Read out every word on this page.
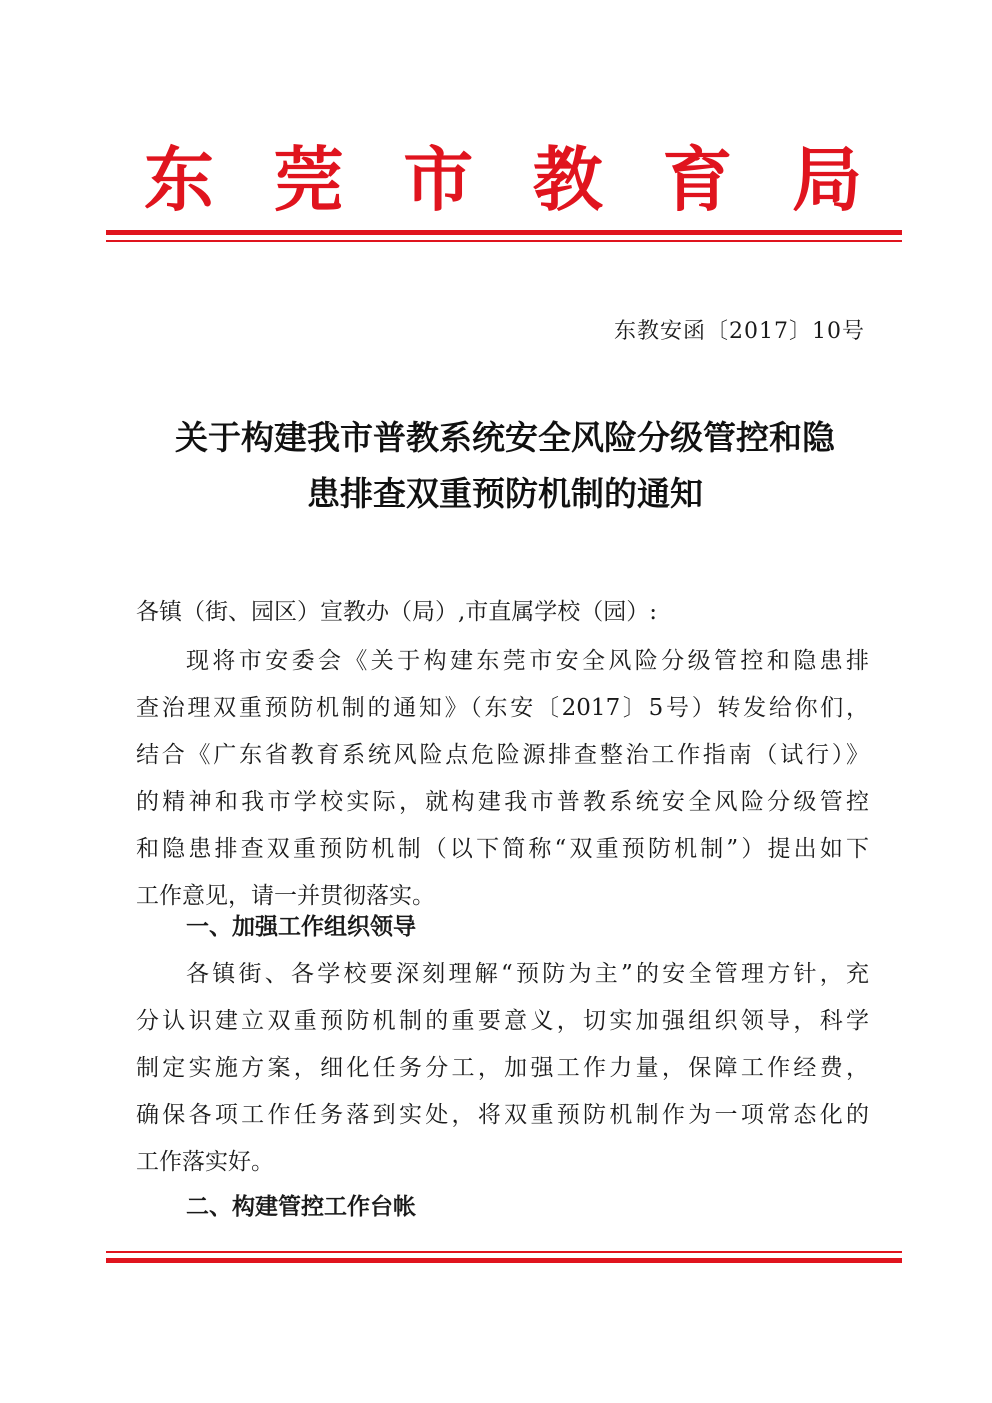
东 莞 市 教 育 局
东教安函〔2017〕10号
关于构建我市普教系统安全风险分级管控和隐
患排查双重预防机制的通知
各镇（街、园区）宣教办（局）,市直属学校（园）:
现将市安委会《关于构建东莞市安全风险分级管控和隐患排
查治理双重预防机制的通知》（东安〔2017〕5号）转发给你们，
结合《广东省教育系统风险点危险源排查整治工作指南（试行）》
的精神和我市学校实际，就构建我市普教系统安全风险分级管控
和隐患排查双重预防机制（以下简称“双重预防机制”）提出如下
工作意见，请一并贯彻落实。
一、加强工作组织领导
各镇街、各学校要深刻理解“预防为主”的安全管理方针，充
分认识建立双重预防机制的重要意义，切实加强组织领导，科学
制定实施方案，细化任务分工，加强工作力量，保障工作经费，
确保各项工作任务落到实处，将双重预防机制作为一项常态化的
工作落实好。
二、构建管控工作台帐
